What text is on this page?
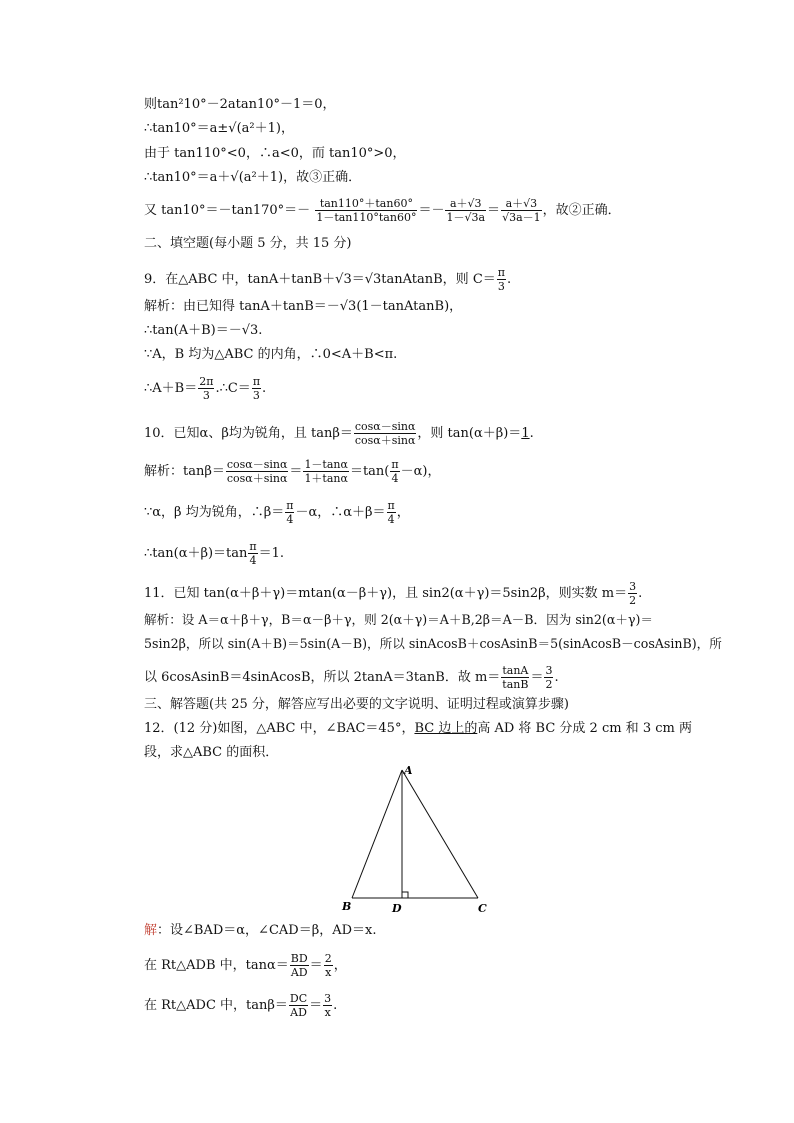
则tan²10°－2atan10°－1＝0，
∴tan10°＝a±√(a²＋1)，
由于 tan110°<0，∴a<0，而 tan10°>0，
∴tan10°＝a＋√(a²＋1)，故③正确．
又 $\tan 10^\circ=-\tan 170^\circ=- \frac{\tan 110^\circ+\tan 60^\circ}{1-\tan 110^\circ\tan 60^\circ} =- \frac{a+√3}{1-√3a} = \frac{a+√3}{√3a-1}$ ，故②正确．
二、填空题(每小题 5 分，共 15 分)
9．在△ABC 中，tanA＋tanB＋√3＝√3tanAtanB，则 $C= \frac{\pi}{3}$ .
解析：由已知得 tanA＋tanB＝－√3(1－tanAtanB)，
∴tan(A＋B)＝－√3.
∵A，B 均为△ABC 的内角，∴0<A＋B<π.
∴A＋B＝ $\frac{2\pi}{3}$ .∴C＝ $\frac{\pi}{3}$ .
10．已知α、β均为锐角，且 $\tan\beta= \frac{\cos\alpha-\sin\alpha}{\cos\alpha+\sin\alpha}$ ，则 tan(α＋β)＝1.
解析：$\tan\beta= \frac{\cos\alpha-\sin\alpha}{\cos\alpha+\sin\alpha} = \frac{1-\tan\alpha}{1+\tan\alpha} =\tan( \frac{\pi}{4} -\alpha)$，
∵α，β 均为锐角，∴β＝ $\frac{\pi}{4} -\alpha$，∴α＋β＝ $\frac{\pi}{4}$ ，
∴tan(α＋β)＝tan $\frac{\pi}{4} =1$.
11．已知 tan(α＋β＋γ)＝mtan(α－β＋γ)，且 sin2(α＋γ)＝5sin2β，则实数 $m= \frac{3}{2}$ .
解析：设 A＝α＋β＋γ，B＝α－β＋γ，则 2(α＋γ)＝A＋B,2β＝A－B．因为 sin2(α＋γ)＝
5sin2β，所以 sin(A＋B)＝5sin(A－B)，所以 sinAcosB＋cosAsinB＝5(sinAcosB－cosAsinB)，所
以 6cosAsinB＝4sinAcosB，所以 2tanA＝3tanB．故 $m= \frac{\tan A}{\tan B} = \frac{3}{2}$ .
三、解答题(共 25 分，解答应写出必要的文字说明、证明过程或演算步骤)
12．(12 分)如图，△ABC 中，∠BAC＝45°，BC 边上的高 AD 将 BC 分成 2 cm 和 3 cm 两
段，求△ABC 的面积．
A
B	D	C
解：设∠BAD＝α，∠CAD＝β，AD＝x.
在 Rt△ADB 中，$\tan\alpha= \frac{BD}{AD} = \frac{2}{x}$ ，
在 Rt△ADC 中，$\tan\beta= \frac{DC}{AD} = \frac{3}{x}$ .
